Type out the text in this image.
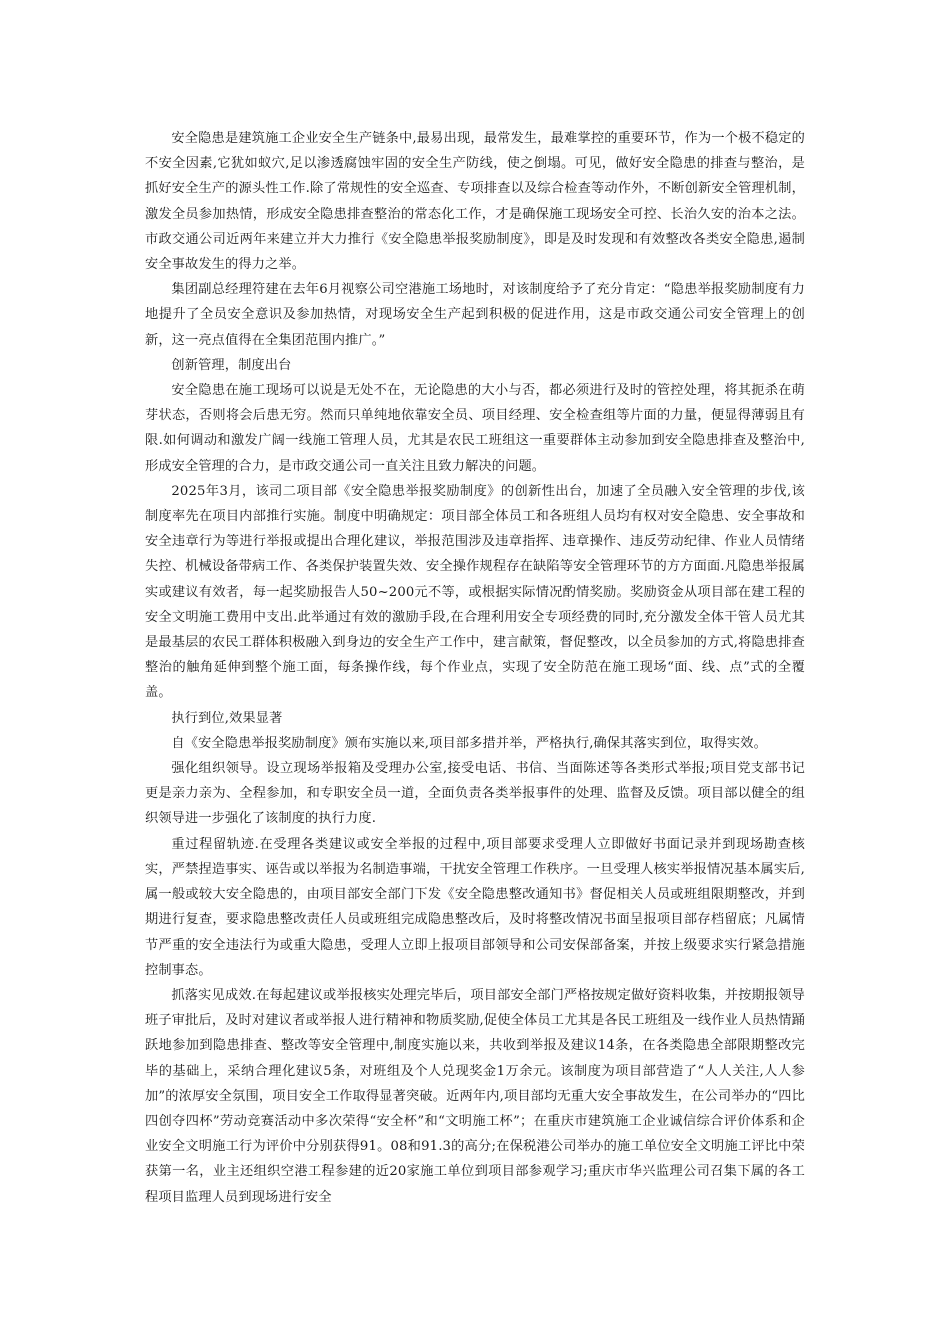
安全隐患是建筑施工企业安全生产链条中,最易出现，最常发生，最难掌控的重要环节，作为一个极不稳定的不安全因素,它犹如蚁穴,足以渗透腐蚀牢固的安全生产防线，使之倒塌。可见，做好安全隐患的排查与整治，是抓好安全生产的源头性工作.除了常规性的安全巡查、专项排查以及综合检查等动作外，不断创新安全管理机制，激发全员参加热情，形成安全隐患排查整治的常态化工作，才是确保施工现场安全可控、长治久安的治本之法。市政交通公司近两年来建立并大力推行《安全隐患举报奖励制度》，即是及时发现和有效整改各类安全隐患,遏制安全事故发生的得力之举。

集团副总经理符建在去年6月视察公司空港施工场地时，对该制度给予了充分肯定：“隐患举报奖励制度有力地提升了全员安全意识及参加热情，对现场安全生产起到积极的促进作用，这是市政交通公司安全管理上的创新，这一亮点值得在全集团范围内推广。”

创新管理，制度出台

安全隐患在施工现场可以说是无处不在，无论隐患的大小与否，都必须进行及时的管控处理，将其扼杀在萌芽状态，否则将会后患无穷。然而只单纯地依靠安全员、项目经理、安全检查组等片面的力量，便显得薄弱且有限.如何调动和激发广阔一线施工管理人员，尤其是农民工班组这一重要群体主动参加到安全隐患排查及整治中,形成安全管理的合力，是市政交通公司一直关注且致力解决的问题。

2025年3月，该司二项目部《安全隐患举报奖励制度》的创新性出台，加速了全员融入安全管理的步伐,该制度率先在项目内部推行实施。制度中明确规定：项目部全体员工和各班组人员均有权对安全隐患、安全事故和安全违章行为等进行举报或提出合理化建议，举报范围涉及违章指挥、违章操作、违反劳动纪律、作业人员情绪失控、机械设备带病工作、各类保护装置失效、安全操作规程存在缺陷等安全管理环节的方方面面.凡隐患举报属实或建议有效者，每一起奖励报告人50~200元不等，或根据实际情况酌情奖励。奖励资金从项目部在建工程的安全文明施工费用中支出.此举通过有效的激励手段,在合理利用安全专项经费的同时,充分激发全体干管人员尤其是最基层的农民工群体积极融入到身边的安全生产工作中，建言献策，督促整改，以全员参加的方式,将隐患排查整治的触角延伸到整个施工面，每条操作线，每个作业点，实现了安全防范在施工现场“面、线、点”式的全覆盖。

执行到位,效果显著

自《安全隐患举报奖励制度》颁布实施以来,项目部多措并举，严格执行,确保其落实到位，取得实效。

强化组织领导。设立现场举报箱及受理办公室,接受电话、书信、当面陈述等各类形式举报;项目党支部书记更是亲力亲为、全程参加，和专职安全员一道，全面负责各类举报事件的处理、监督及反馈。项目部以健全的组织领导进一步强化了该制度的执行力度.

重过程留轨迹.在受理各类建议或安全举报的过程中,项目部要求受理人立即做好书面记录并到现场勘查核实，严禁捏造事实、诬告或以举报为名制造事端，干扰安全管理工作秩序。一旦受理人核实举报情况基本属实后,属一般或较大安全隐患的，由项目部安全部门下发《安全隐患整改通知书》督促相关人员或班组限期整改，并到期进行复查，要求隐患整改责任人员或班组完成隐患整改后，及时将整改情况书面呈报项目部存档留底；凡属情节严重的安全违法行为或重大隐患，受理人立即上报项目部领导和公司安保部备案，并按上级要求实行紧急措施控制事态。

抓落实见成效.在每起建议或举报核实处理完毕后，项目部安全部门严格按规定做好资料收集，并按期报领导班子审批后，及时对建议者或举报人进行精神和物质奖励,促使全体员工尤其是各民工班组及一线作业人员热情踊跃地参加到隐患排查、整改等安全管理中,制度实施以来，共收到举报及建议14条，在各类隐患全部限期整改完毕的基础上，采纳合理化建议5条，对班组及个人兑现奖金1万余元。该制度为项目部营造了“人人关注,人人参加”的浓厚安全氛围，项目安全工作取得显著突破。近两年内,项目部均无重大安全事故发生，在公司举办的“四比四创夺四杯”劳动竞赛活动中多次荣得“安全杯”和“文明施工杯”；在重庆市建筑施工企业诚信综合评价体系和企业安全文明施工行为评价中分别获得91。08和91.3的高分;在保税港公司举办的施工单位安全文明施工评比中荣获第一名，业主还组织空港工程参建的近20家施工单位到项目部参观学习;重庆市华兴监理公司召集下属的各工程项目监理人员到现场进行安全
